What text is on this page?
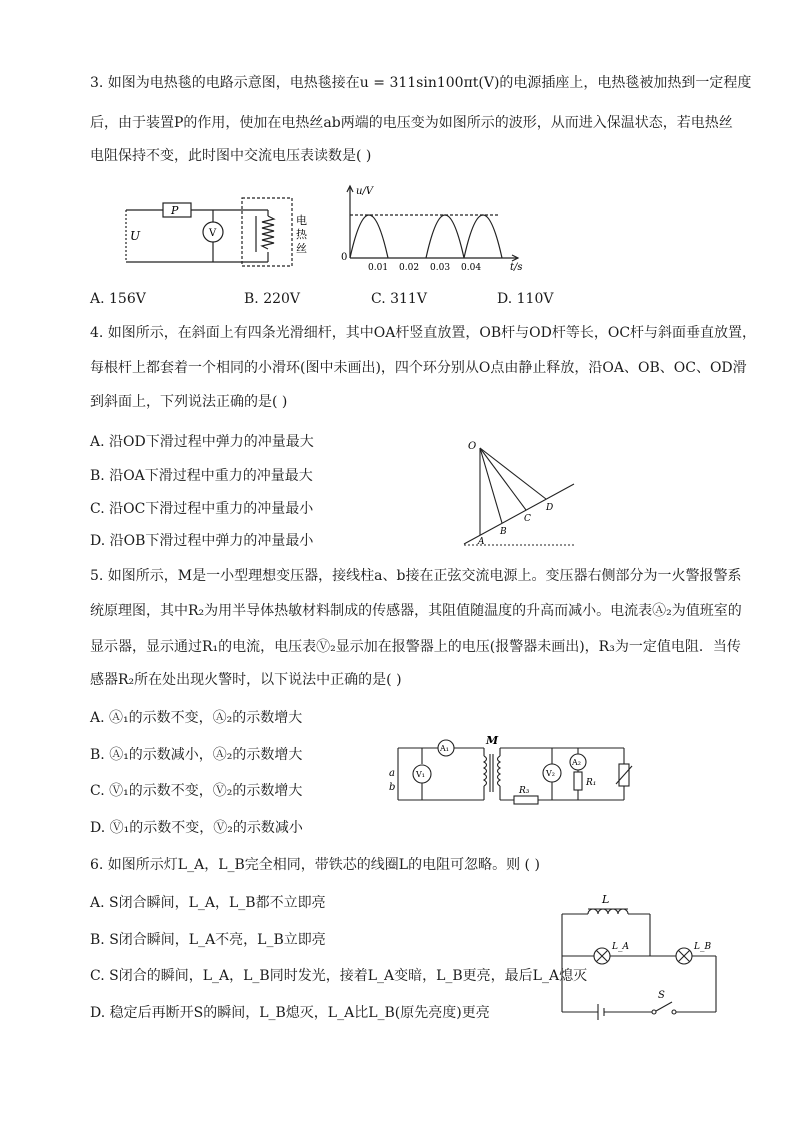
3. 如图为电热毯的电路示意图，电热毯接在u = 311sin100πt(V)的电源插座上，电热毯被加热到一定程度
后，由于装置P的作用，使加在电热丝ab两端的电压变为如图所示的波形，从而进入保温状态，若电热丝
电阻保持不变，此时图中交流电压表读数是( )
U
P
V
电
热
丝
u/V
t/s
0
0.01 0.02 0.03 0.04
A. 156V	B. 220V	C. 311V	D. 110V
4. 如图所示，在斜面上有四条光滑细杆，其中OA杆竖直放置，OB杆与OD杆等长，OC杆与斜面垂直放置，
每根杆上都套着一个相同的小滑环(图中未画出)，四个环分别从O点由静止释放，沿OA、OB、OC、OD滑
到斜面上，下列说法正确的是( )
A. 沿OD下滑过程中弹力的冲量最大
B. 沿OA下滑过程中重力的冲量最大
C. 沿OC下滑过程中重力的冲量最小
D. 沿OB下滑过程中弹力的冲量最小
O
A
B
C
D
5. 如图所示，M是一小型理想变压器，接线柱a、b接在正弦交流电源上。变压器右侧部分为一火警报警系
统原理图，其中R₂为用半导体热敏材料制成的传感器，其阻值随温度的升高而减小。电流表Ⓐ₂为值班室的
显示器，显示通过R₁的电流，电压表Ⓥ₂显示加在报警器上的电压(报警器未画出)，R₃为一定值电阻．当传
感器R₂所在处出现火警时，以下说法中正确的是( )
A. Ⓐ₁的示数不变，Ⓐ₂的示数增大
B. Ⓐ₁的示数减小，Ⓐ₂的示数增大
C. Ⓥ₁的示数不变，Ⓥ₂的示数增大
D. Ⓥ₁的示数不变，Ⓥ₂的示数减小
a
b
A₁
V₁
M
V₂
A₂
R₁
R₃
6. 如图所示灯L_A，L_B完全相同，带铁芯的线圈L的电阻可忽略。则 ( )
A. S闭合瞬间，L_A，L_B都不立即亮
B. S闭合瞬间，L_A不亮，L_B立即亮
C. S闭合的瞬间，L_A，L_B同时发光，接着L_A变暗，L_B更亮，最后L_A熄灭
D. 稳定后再断开S的瞬间，L_B熄灭，L_A比L_B(原先亮度)更亮
L
L_A	L_B
S
